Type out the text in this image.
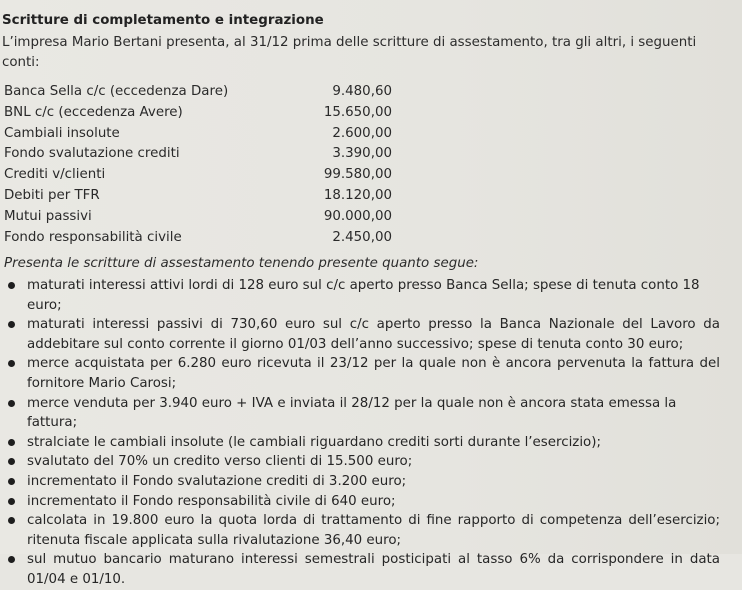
Scritture di completamento e integrazione
L’impresa Mario Bertani presenta, al 31/12 prima delle scritture di assestamento, tra gli altri, i seguenti conti:
Banca Sella c/c (eccedenza Dare)	9.480,60
BNL c/c (eccedenza Avere)	15.650,00
Cambiali insolute	2.600,00
Fondo svalutazione crediti	3.390,00
Crediti v/clienti	99.580,00
Debiti per TFR	18.120,00
Mutui passivi	90.000,00
Fondo responsabilità civile	2.450,00
Presenta le scritture di assestamento tenendo presente quanto segue:
maturati interessi attivi lordi di 128 euro sul c/c aperto presso Banca Sella; spese di tenuta conto 18 euro;
maturati interessi passivi di 730,60 euro sul c/c aperto presso la Banca Nazionale del Lavoro da addebitare sul conto corrente il giorno 01/03 dell’anno successivo; spese di tenuta conto 30 euro;
merce acquistata per 6.280 euro ricevuta il 23/12 per la quale non è ancora pervenuta la fattura del fornitore Mario Carosi;
merce venduta per 3.940 euro + IVA e inviata il 28/12 per la quale non è ancora stata emessa la fattura;
stralciate le cambiali insolute (le cambiali riguardano crediti sorti durante l’esercizio);
svalutato del 70% un credito verso clienti di 15.500 euro;
incrementato il Fondo svalutazione crediti di 3.200 euro;
incrementato il Fondo responsabilità civile di 640 euro;
calcolata in 19.800 euro la quota lorda di trattamento di fine rapporto di competenza dell’esercizio; ritenuta fiscale applicata sulla rivalutazione 36,40 euro;
sul mutuo bancario maturano interessi semestrali posticipati al tasso 6% da corrispondere in data 01/04 e 01/10.
